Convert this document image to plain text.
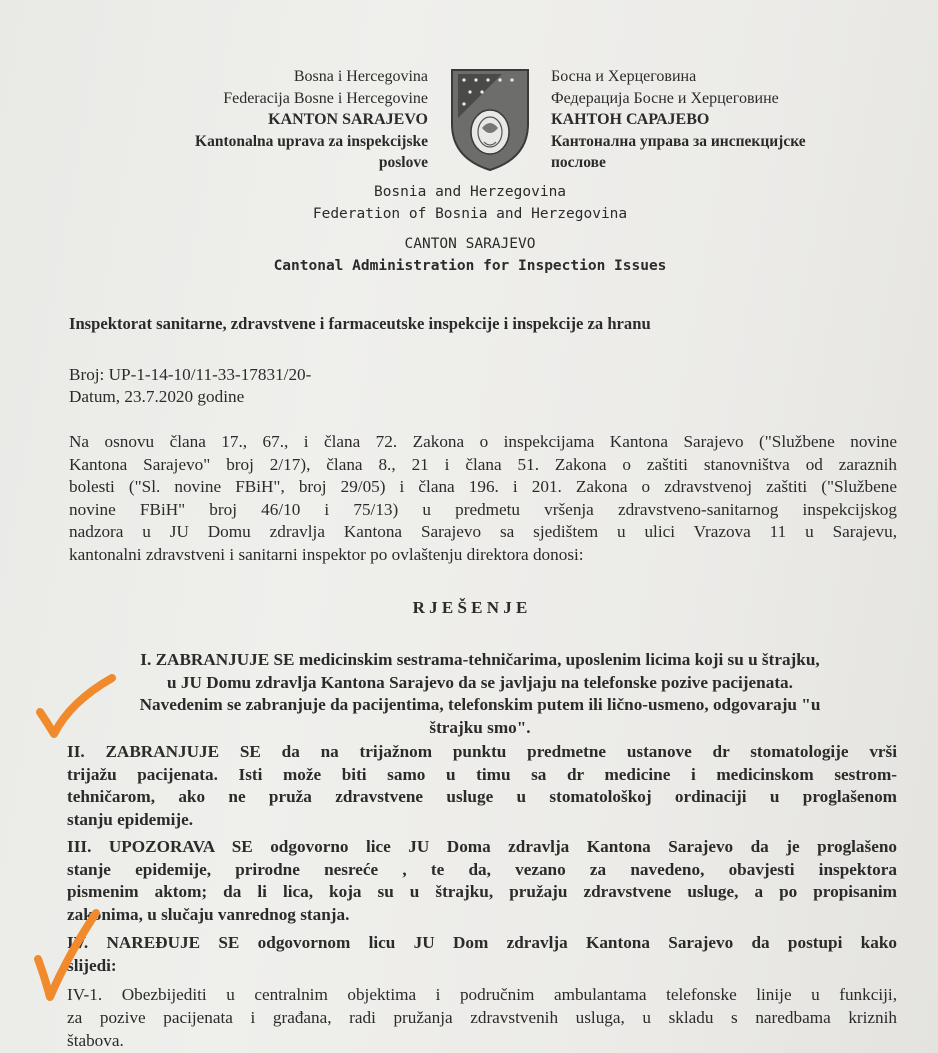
Bosna i Hercegovina
Federacija Bosne i Hercegovine
KANTON SARAJEVO
Kantonalna uprava za inspekcijske
poslove
Босна и Херцеговина
Федерација Босне и Херцеговине
КАНТОН САРАЈЕВО
Кантонална управа за инспекцијске
послове
Bosnia and Herzegovina
Federation of Bosnia and Herzegovina
CANTON SARAJEVO
Cantonal Administration for Inspection Issues
Inspektorat sanitarne, zdravstvene i farmaceutske inspekcije i inspekcije za hranu
Broj: UP-1-14-10/11-33-17831/20-
Datum, 23.7.2020 godine
Na osnovu člana 17., 67., i člana 72. Zakona o inspekcijama Kantona Sarajevo ("Službene novine
Kantona Sarajevo" broj 2/17), člana 8., 21 i člana 51. Zakona o zaštiti stanovništva od zaraznih
bolesti ("Sl. novine FBiH", broj 29/05) i člana 196. i 201. Zakona o zdravstvenoj zaštiti ("Službene
novine FBiH" broj 46/10 i 75/13) u predmetu vršenja zdravstveno-sanitarnog inspekcijskog
nadzora u JU Domu zdravlja Kantona Sarajevo sa sjedištem u ulici Vrazova 11 u Sarajevu,
kantonalni zdravstveni i sanitarni inspektor po ovlaštenju direktora donosi:
R J E Š E N J E
I. ZABRANJUJE SE medicinskim sestrama-tehničarima, uposlenim licima koji su u štrajku,
u JU Domu zdravlja Kantona Sarajevo da se javljaju na telefonske pozive pacijenata.
Navedenim se zabranjuje da pacijentima, telefonskim putem ili lično-usmeno, odgovaraju "u
štrajku smo".
II. ZABRANJUJE SE da na trijažnom punktu predmetne ustanove dr stomatologije vrši
trijažu pacijenata. Isti može biti samo u timu sa dr medicine i medicinskom sestrom-
tehničarom, ako ne pruža zdravstvene usluge u stomatološkoj ordinaciji u proglašenom
stanju epidemije.
III. UPOZORAVA SE odgovorno lice JU Doma zdravlja Kantona Sarajevo da je proglašeno
stanje epidemije, prirodne nesreće , te da, vezano za navedeno, obavjesti inspektora
pismenim aktom; da li lica, koja su u štrajku, pružaju zdravstvene usluge, a po propisanim
zakonima, u slučaju vanrednog stanja.
IV. NAREĐUJE SE odgovornom licu JU Dom zdravlja Kantona Sarajevo da postupi kako
slijedi:
IV-1. Obezbijediti u centralnim objektima i područnim ambulantama telefonske linije u funkciji,
za pozive pacijenata i građana, radi pružanja zdravstvenih usluga, u skladu s naredbama kriznih
štabova.
